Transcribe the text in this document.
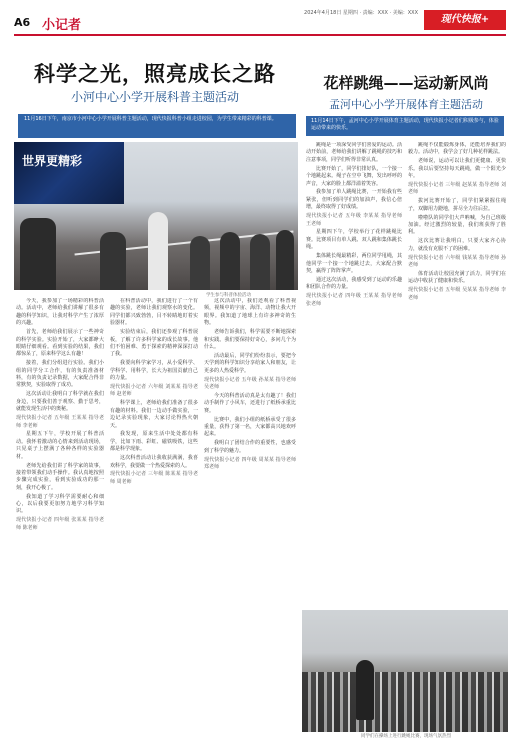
A6 小记者
2024年4月18日 星期四 · 责编：XXX · 美编：XXX
现代快报+
科学之光，照亮成长之路
小河中心小学开展科普主题活动
11月16日下午，南京市小河中心小学开展科普主题活动，现代快报科普小组走进校园，为学生带来精彩的科普课。
世界更精彩
学生参与科普体验活动

今天，我参加了一场精彩的科普活动。活动中，老师给我们讲解了很多有趣的科学知识，让我对科学产生了浓厚的兴趣。

首先，老师给我们展示了一些神奇的科学实验。实验开始了，大家都睁大眼睛仔细观看。看到实验的结果，我们都惊呆了，原来科学这么有趣！

接着，我们分组进行实验。我们小组的同学分工合作，有的负责准备材料，有的负责记录数据，大家配合得非常默契，实验取得了成功。

这次活动让我明白了科学就在我们身边，只要我们善于观察、勤于思考，就能发现生活中的奥秘。

现代快报小记者 五年级 王某某 指导老师 李老师

星期五下午，学校开展了科普活动。我怀着激动的心情来到活动现场，只见桌子上摆满了各种各样的实验器材。

老师先给我们讲了科学家的故事，接着带领我们动手操作。我认真地按照步骤完成实验，看到实验成功的那一刻，我开心极了。

我知道了学习科学需要耐心和细心，以后我要更加努力地学习科学知识。

现代快报小记者 四年级 张某某 指导老师 陈老师

在科普活动中，我们进行了一个有趣的实验，老师让我们观察水的变化。同学们都兴致勃勃，目不转睛地盯着实验器材。

实验结束后，我们还参观了科普展板，了解了许多科学家的成长故事。他们不怕困难、勇于探索的精神深深打动了我。

我要向科学家学习，从小爱科学、学科学、用科学，长大为祖国贡献自己的力量。

现代快报小记者 六年级 刘某某 指导老师 赵老师

科学课上，老师给我们准备了很多有趣的材料。我们一边动手做实验，一边记录实验现象，大家讨论得热火朝天。

我发现，原来生活中处处都有科学，比如下雨、彩虹、磁铁吸铁，这些都是科学现象。

这次科普活动让我收获满满，我喜欢科学，我要做一个热爱探索的人。

现代快报小记者 三年级 陈某某 指导老师 周老师

这次活动中，我们还观看了科普视频，视频中的宇宙、海洋、动物让我大开眼界。我知道了地球上有许多神奇的生物。

老师告诉我们，科学需要不断地探索和实践。我们要保持好奇心，多问几个为什么。

活动最后，同学们纷纷表示，要把今天学到的科学知识分享给家人和朋友，让更多的人热爱科学。

现代快报小记者 五年级 孙某某 指导老师 吴老师

今天的科普活动真是太有趣了！我们动手制作了小风车，还进行了纸桥承重比赛。

比赛中，我们小组的纸桥承受了很多重量，获得了第一名，大家都高兴地欢呼起来。

我明白了团结合作的重要性，也感受到了科学的魅力。

现代快报小记者 四年级 周某某 指导老师 郑老师

花样跳绳——运动新风尚
孟河中心小学开展体育主题活动
11月14日下午，孟河中心小学开展体育主题活动，现代快报小记者们积极参与，体验运动带来的快乐。

跳绳是一项深受同学们喜爱的运动。活动开始前，老师给我们讲解了跳绳的技巧和注意事项，同学们听得非常认真。

比赛开始了，同学们排好队，一个接一个地跳起来。绳子在空中飞舞，发出呼呼的声音，大家的脸上都洋溢着笑容。

我参加了单人跳绳比赛，一开始我有些紧张，但听到同学们的加油声，我信心倍增，最终取得了好成绩。

现代快报小记者 五年级 李某某 指导老师 王老师

星期四下午，学校举行了花样跳绳比赛。比赛项目有单人跳、双人跳和集体跳长绳。

集体跳长绳最精彩，两位同学甩绳，其他同学一个接一个地跳过去，大家配合默契，赢得了阵阵掌声。

通过这次活动，我感受到了运动的乐趣和团队合作的力量。

现代快报小记者 四年级 王某某 指导老师 张老师

跳绳不仅能锻炼身体，还能培养我们的毅力。活动中，我学会了好几种花样跳法。

老师说，运动可以让我们更健康、更快乐。我以后要坚持每天跳绳，做一个阳光少年。

现代快报小记者 三年级 赵某某 指导老师 刘老师

拔河比赛开始了，同学们紧紧握住绳子，双脚用力蹬地，拼尽全力往后拉。

啦啦队的同学们大声呐喊，为自己班级加油。经过激烈的较量，我们班获得了胜利。

这次比赛让我明白，只要大家齐心协力，就没有克服不了的困难。

现代快报小记者 六年级 钱某某 指导老师 孙老师

体育活动让校园充满了活力，同学们在运动中收获了健康和快乐。

现代快报小记者 五年级 吴某某 指导老师 李老师

同学们在操场上进行跳绳比赛，现场气氛热烈
